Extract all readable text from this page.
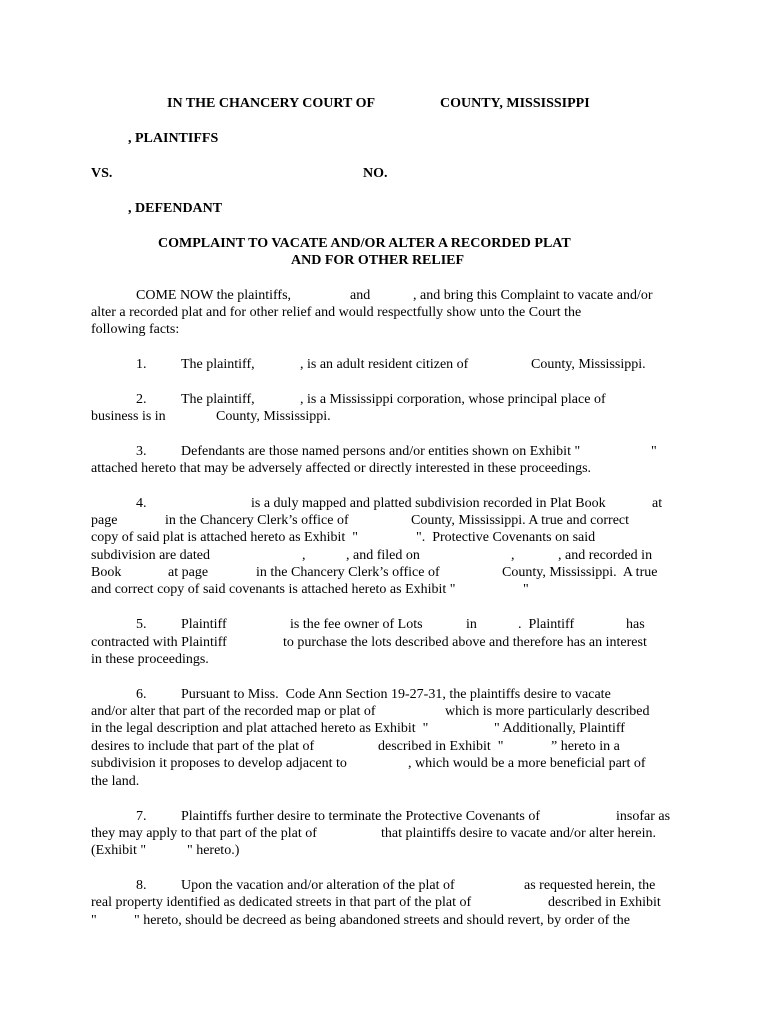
IN THE CHANCERY COURT OF	COUNTY, MISSISSIPPI
, PLAINTIFFS
VS.	NO.
, DEFENDANT
COMPLAINT TO VACATE AND/OR ALTER A RECORDED PLAT
AND FOR OTHER RELIEF
COME NOW the plaintiffs,	and	, and bring this Complaint to vacate and/or
alter a recorded plat and for other relief and would respectfully show unto the Court the
following facts:
1. The plaintiff,	, is an adult resident citizen of	County, Mississippi.
2. The plaintiff,	, is a Mississippi corporation, whose principal place of
business is in	County, Mississippi.
3. Defendants are those named persons and/or entities shown on Exhibit "	"
attached hereto that may be adversely affected or directly interested in these proceedings.
4.	is a duly mapped and platted subdivision recorded in Plat Book	at
page	in the Chancery Clerk’s office of	County, Mississippi. A true and correct
copy of said plat is attached hereto as Exhibit  "	".  Protective Covenants on said
subdivision are dated	,	, and filed on	,	, and recorded in
Book	at page	in the Chancery Clerk’s office of	County, Mississippi.  A true
and correct copy of said covenants is attached hereto as Exhibit "	"
5. Plaintiff	is the fee owner of Lots	in	.  Plaintiff	has
contracted with Plaintiff	to purchase the lots described above and therefore has an interest
in these proceedings.
6. Pursuant to Miss.  Code Ann Section 19-27-31, the plaintiffs desire to vacate
and/or alter that part of the recorded map or plat of	which is more particularly described
in the legal description and plat attached hereto as Exhibit  "	" Additionally, Plaintiff
desires to include that part of the plat of	described in Exhibit  "	” hereto in a
subdivision it proposes to develop adjacent to	, which would be a more beneficial part of
the land.
7. Plaintiffs further desire to terminate the Protective Covenants of	insofar as
they may apply to that part of the plat of	that plaintiffs desire to vacate and/or alter herein.
(Exhibit "	" hereto.)
8. Upon the vacation and/or alteration of the plat of	as requested herein, the
real property identified as dedicated streets in that part of the plat of	described in Exhibit
"	" hereto, should be decreed as being abandoned streets and should revert, by order of the
